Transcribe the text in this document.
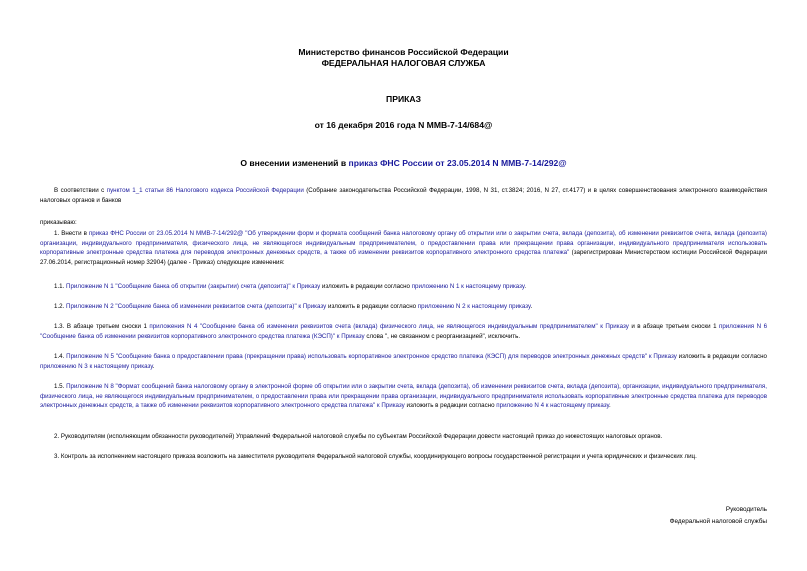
Министерство финансов Российской Федерации
ФЕДЕРАЛЬНАЯ НАЛОГОВАЯ СЛУЖБА
ПРИКАЗ
от 16 декабря 2016 года N ММВ-7-14/684@
О внесении изменений в приказ ФНС России от 23.05.2014 N ММВ-7-14/292@
В соответствии с пунктом 1_1 статьи 86 Налогового кодекса Российской Федерации (Собрание законодательства Российской Федерации, 1998, N 31, ст.3824; 2016, N 27, ст.4177) и в целях совершенствования электронного взаимодействия налоговых органов и банков
приказываю:
1. Внести в приказ ФНС России от 23.05.2014 N ММВ-7-14/292@ "Об утверждении форм и формата сообщений банка налоговому органу об открытии или о закрытии счета, вклада (депозита), об изменении реквизитов счета, вклада (депозита) организации, индивидуального предпринимателя, физического лица, не являющегося индивидуальным предпринимателем, о предоставлении права или прекращении права организации, индивидуального предпринимателя использовать корпоративные электронные средства платежа для переводов электронных денежных средств, а также об изменении реквизитов корпоративного электронного средства платежа" (зарегистрирован Министерством юстиции Российской Федерации 27.06.2014, регистрационный номер 32904) (далее - Приказ) следующие изменения:
1.1. Приложение N 1 "Сообщение банка об открытии (закрытии) счета (депозита)" к Приказу изложить в редакции согласно приложению N 1 к настоящему приказу.
1.2. Приложение N 2 "Сообщение банка об изменении реквизитов счета (депозита)" к Приказу изложить в редакции согласно приложению N 2 к настоящему приказу.
1.3. В абзаце третьем сноски 1 приложения N 4 "Сообщение банка об изменении реквизитов счета (вклада) физического лица, не являющегося индивидуальным предпринимателем" к Приказу и в абзаце третьем сноски 1 приложения N 6 "Сообщение банка об изменении реквизитов корпоративного электронного средства платежа (КЭСП)" к Приказу слова ", не связанном с реорганизацией", исключить.
1.4. Приложение N 5 "Сообщение банка о предоставлении права (прекращении права) использовать корпоративное электронное средство платежа (КЭСП) для переводов электронных денежных средств" к Приказу изложить в редакции согласно приложению N 3 к настоящему приказу.
1.5. Приложение N 8 "Формат сообщений банка налоговому органу в электронной форме об открытии или о закрытии счета, вклада (депозита), об изменении реквизитов счета, вклада (депозита), организации, индивидуального предпринимателя, физического лица, не являющегося индивидуальным предпринимателем, о предоставлении права или прекращении права организации, индивидуального предпринимателя использовать корпоративные электронные средства платежа для переводов электронных денежных средств, а также об изменении реквизитов корпоративного электронного средства платежа" к Приказу изложить в редакции согласно приложению N 4 к настоящему приказу.
2. Руководителям (исполняющим обязанности руководителей) Управлений Федеральной налоговой службы по субъектам Российской Федерации довести настоящий приказ до нижестоящих налоговых органов.
3. Контроль за исполнением настоящего приказа возложить на заместителя руководителя Федеральной налоговой службы, координирующего вопросы государственной регистрации и учета юридических и физических лиц.
Руководитель
Федеральной налоговой службы
